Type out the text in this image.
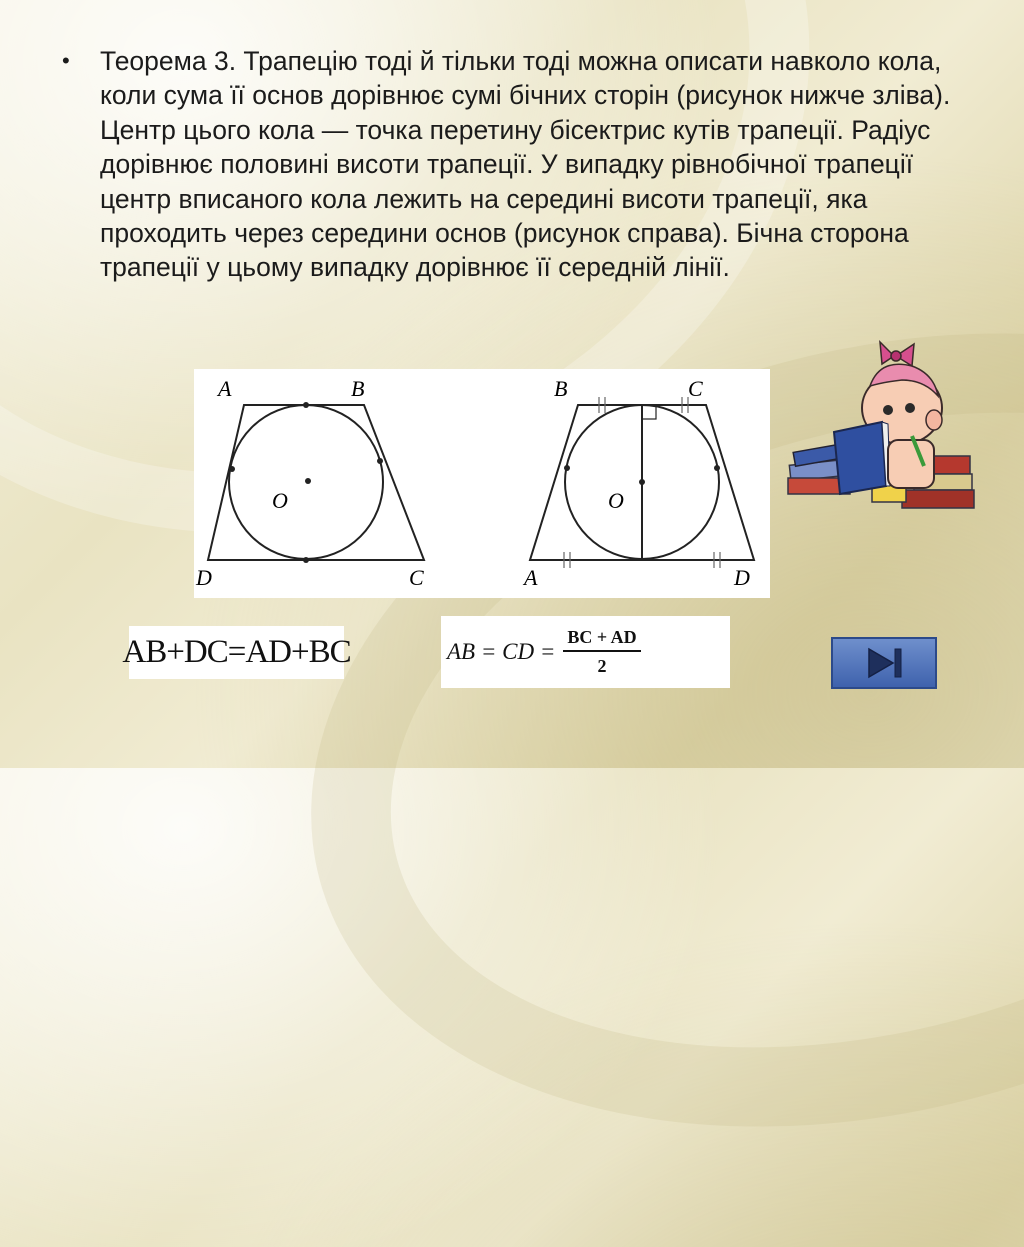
• Теорема 3. Трапецію тоді й тільки тоді можна описати навколо кола, коли сума її основ дорівнює сумі бічних сторін (рисунок нижче зліва). Центр цього кола — точка перетину бісектрис кутів трапеції. Радіус дорівнює половині висоти трапеції. У випадку рівнобічної трапеції центр вписаного кола лежить на середині висоти трапеції, яка проходить через середини основ (рисунок справа). Бічна сторона трапеції у цьому випадку дорівнює її середній лінії.
A	B
C
D
O
B	C
A	D
O
AB+DC=AD+BC	AB = CD = $\frac{BC + AD}{2}$
